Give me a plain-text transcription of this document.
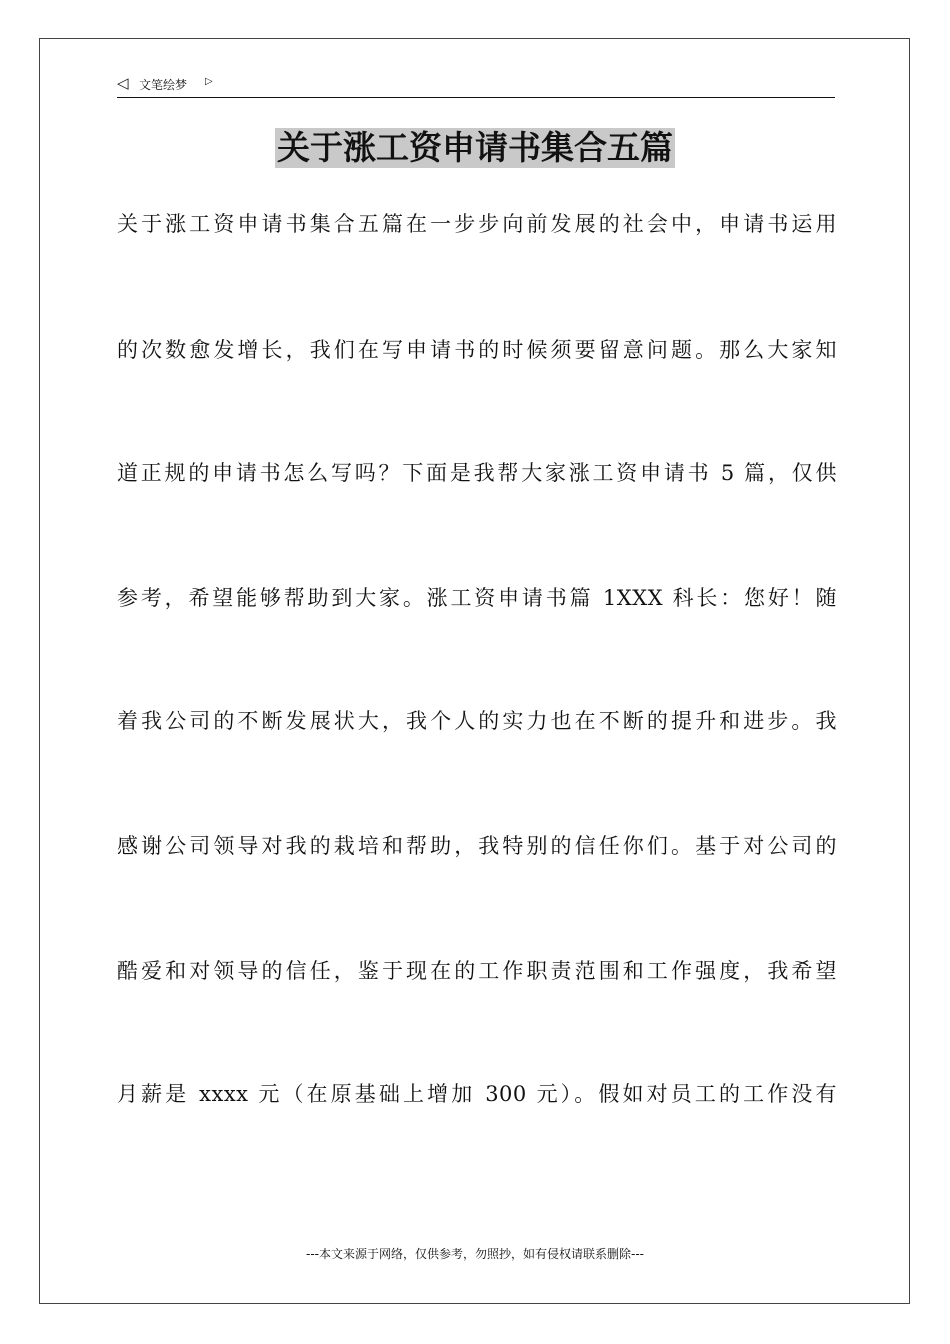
◁ 文笔绘梦 ▷
关于涨工资申请书集合五篇
关于涨工资申请书集合五篇在一步步向前发展的社会中，申请书运用
的次数愈发增长，我们在写申请书的时候须要留意问题。那么大家知
道正规的申请书怎么写吗？下面是我帮大家涨工资申请书 5 篇，仅供
参考，希望能够帮助到大家。涨工资申请书篇 1XXX 科长：您好！随
着我公司的不断发展状大，我个人的实力也在不断的提升和进步。我
感谢公司领导对我的栽培和帮助，我特别的信任你们。基于对公司的
酷爱和对领导的信任，鉴于现在的工作职责范围和工作强度，我希望
月薪是 xxxx 元（在原基础上增加 300 元）。假如对员工的工作没有
---本文来源于网络，仅供参考，勿照抄，如有侵权请联系删除---
